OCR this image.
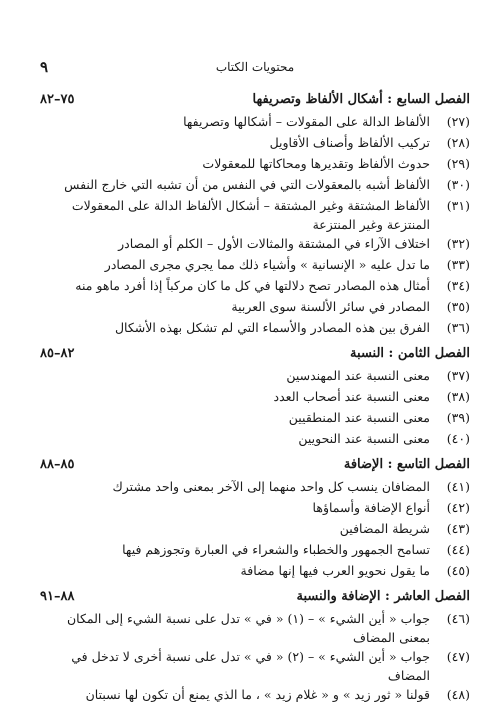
٩	محتويات الكتاب
الفصل السابع : أشكال الألفاظ وتصريفها
٧٥–٨٢
(٢٧)
الألفاظ الدالة على المقولات – أشكالها وتصريفها
(٢٨)
تركيب الألفاظ وأصناف الأقاويل
(٢٩)
حدوث الألفاظ وتقديرها ومحاكاتها للمعقولات
(٣٠)
الألفاظ أشبه بالمعقولات التي في النفس من أن تشبه التي خارج النفس
(٣١)
الألفاظ المشتقة وغير المشتقة – أشكال الألفاظ الدالة على المعقولات المنتزعة وغير المنتزعة
(٣٢)
اختلاف الآراء في المشتقة والمثالات الأول – الكلم أو المصادر
(٣٣)
ما تدل عليه « الإنسانية » وأشياء ذلك مما يجري مجرى المصادر
(٣٤)
أمثال هذه المصادر تصح دلالتها في كل ما كان مركباً إذا أفرد ماهو منه
(٣٥)
المصادر في سائر الألسنة سوى العربية
(٣٦)
الفرق بين هذه المصادر والأسماء التي لم تشكل بهذه الأشكال
الفصل الثامن : النسبة
٨٢–٨٥
(٣٧)
معنى النسبة عند المهندسين
(٣٨)
معنى النسبة عند أصحاب العدد
(٣٩)
معنى النسبة عند المنطقيين
(٤٠)
معنى النسبة عند النحويين
الفصل التاسع : الإضافة
٨٥–٨٨
(٤١)
المضافان ينسب كل واحد منهما إلى الآخر بمعنى واحد مشترك
(٤٢)
أنواع الإضافة وأسماؤها
(٤٣)
شريطة المضافين
(٤٤)
تسامح الجمهور والخطباء والشعراء في العبارة وتجوزهم فيها
(٤٥)
ما يقول نحويو العرب فيها إنها مضافة
الفصل العاشر : الإضافة والنسبة
٨٨–٩١
(٤٦)
جواب « أين الشيء » – (١) « في » تدل على نسبة الشيء إلى المكان بمعنى المضاف
(٤٧)
جواب « أين الشيء » – (٢) « في » تدل على نسبة أخرى لا تدخل في المضاف
(٤٨)
قولنا « ثور زيد » و « غلام زيد » ، ما الذي يمنع أن تكون لها نسبتان
